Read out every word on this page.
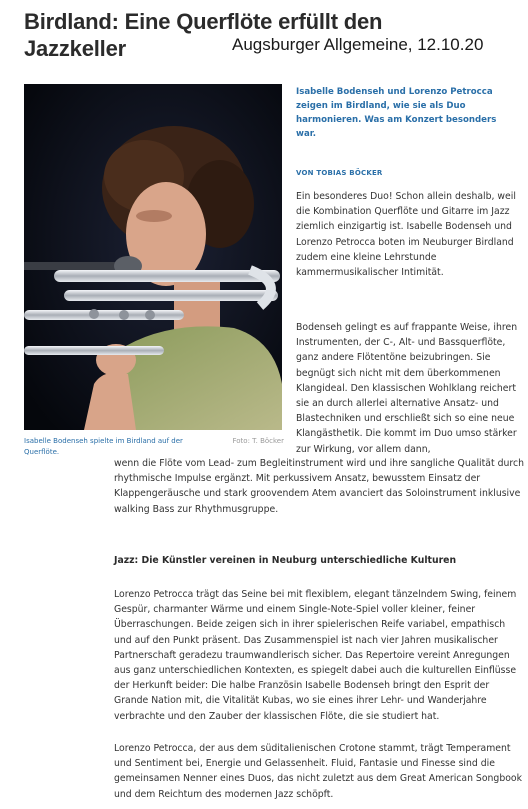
Birdland: Eine Querflöte erfüllt den Jazzkeller	Augsburger Allgemeine, 12.10.20

Isabelle Bodenseh spielte im Birdland auf der Querflöte.

Foto: T. Böcker

Isabelle Bodenseh und Lorenzo Petrocca zeigen im Birdland, wie sie als Duo harmonieren. Was am Konzert besonders war.

VON TOBIAS BÖCKER

Ein besonderes Duo! Schon allein deshalb, weil die Kombination Querflöte und Gitarre im Jazz ziemlich einzigartig ist. Isabelle Bodenseh und Lorenzo Petrocca boten im Neuburger Birdland zudem eine kleine Lehrstunde kammermusikalischer Intimität.

Bodenseh gelingt es auf frappante Weise, ihren Instrumenten, der C-, Alt- und Bassquerflöte, ganz andere Flötentöne beizubringen. Sie begnügt sich nicht mit dem überkommenen Klangideal. Den klassischen Wohlklang reichert sie an durch allerlei alternative Ansatz- und Blastechniken und erschließt sich so eine neue Klangästhetik. Die kommt im Duo umso stärker zur Wirkung, vor allem dann,

wenn die Flöte vom Lead- zum Begleitinstrument wird und ihre sangliche Qualität durch rhythmische Impulse ergänzt. Mit perkussivem Ansatz, bewusstem Einsatz der Klappengeräusche und stark groovendem Atem avanciert das Soloinstrument inklusive walking Bass zur Rhythmusgruppe.

Jazz: Die Künstler vereinen in Neuburg unterschiedliche Kulturen

Lorenzo Petrocca trägt das Seine bei mit flexiblem, elegant tänzelndem Swing, feinem Gespür, charmanter Wärme und einem Single-Note-Spiel voller kleiner, feiner Überraschungen. Beide zeigen sich in ihrer spielerischen Reife variabel, empathisch und auf den Punkt präsent. Das Zusammenspiel ist nach vier Jahren musikalischer Partnerschaft geradezu traumwandlerisch sicher. Das Repertoire vereint Anregungen aus ganz unterschiedlichen Kontexten, es spiegelt dabei auch die kulturellen Einflüsse der Herkunft beider: Die halbe Französin Isabelle Bodenseh bringt den Esprit der Grande Nation mit, die Vitalität Kubas, wo sie eines ihrer Lehr- und Wanderjahre verbrachte und den Zauber der klassischen Flöte, die sie studiert hat.

Lorenzo Petrocca, der aus dem süditalienischen Crotone stammt, trägt Temperament und Sentiment bei, Energie und Gelassenheit. Fluid, Fantasie und Finesse sind die gemeinsamen Nenner eines Duos, das nicht zuletzt aus dem Great American Songbook und dem Reichtum des modernen Jazz schöpft.
